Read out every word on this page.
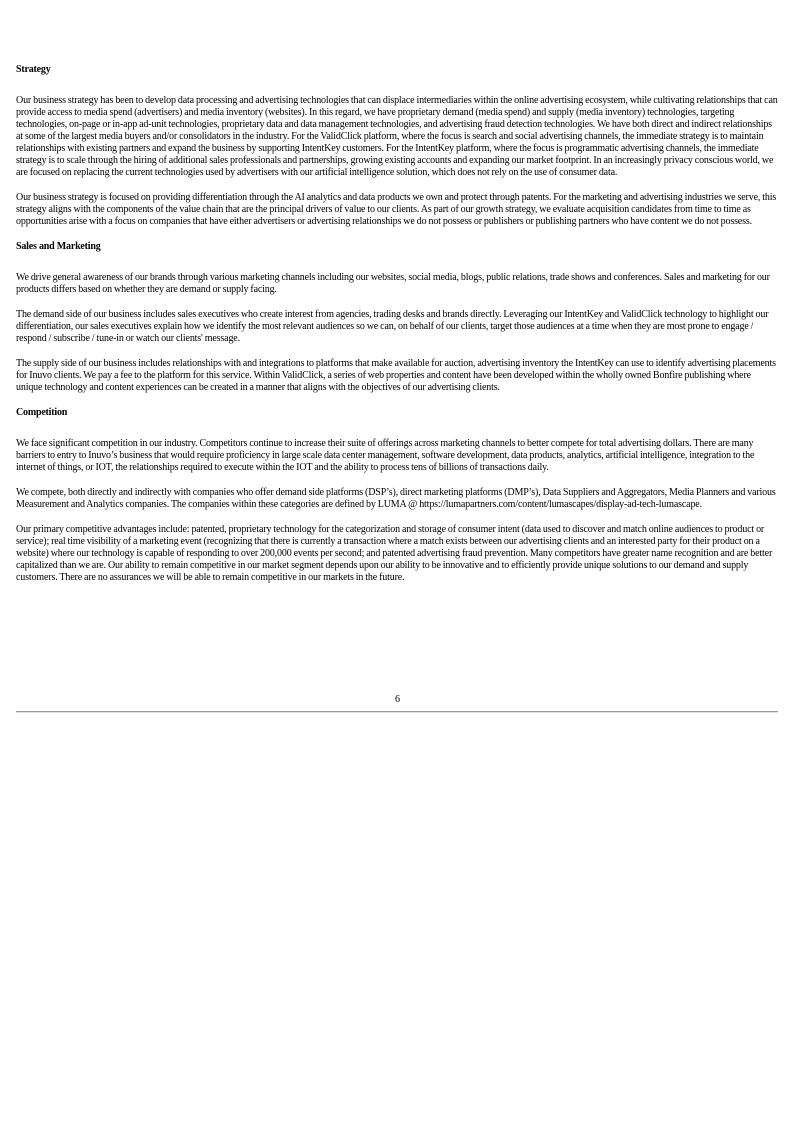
Strategy

Our business strategy has been to develop data processing and advertising technologies that can displace intermediaries within the online advertising ecosystem, while cultivating relationships that can provide access to media spend (advertisers) and media inventory (websites). In this regard, we have proprietary demand (media spend) and supply (media inventory) technologies, targeting technologies, on-page or in-app ad-unit technologies, proprietary data and data management technologies, and advertising fraud detection technologies. We have both direct and indirect relationships at some of the largest media buyers and/or consolidators in the industry. For the ValidClick platform, where the focus is search and social advertising channels, the immediate strategy is to maintain relationships with existing partners and expand the business by supporting IntentKey customers. For the IntentKey platform, where the focus is programmatic advertising channels, the immediate strategy is to scale through the hiring of additional sales professionals and partnerships, growing existing accounts and expanding our market footprint. In an increasingly privacy conscious world, we are focused on replacing the current technologies used by advertisers with our artificial intelligence solution, which does not rely on the use of consumer data.

Our business strategy is focused on providing differentiation through the AI analytics and data products we own and protect through patents. For the marketing and advertising industries we serve, this strategy aligns with the components of the value chain that are the principal drivers of value to our clients. As part of our growth strategy, we evaluate acquisition candidates from time to time as opportunities arise with a focus on companies that have either advertisers or advertising relationships we do not possess or publishers or publishing partners who have content we do not possess.

Sales and Marketing

We drive general awareness of our brands through various marketing channels including our websites, social media, blogs, public relations, trade shows and conferences. Sales and marketing for our products differs based on whether they are demand or supply facing.

The demand side of our business includes sales executives who create interest from agencies, trading desks and brands directly. Leveraging our IntentKey and ValidClick technology to highlight our differentiation, our sales executives explain how we identify the most relevant audiences so we can, on behalf of our clients, target those audiences at a time when they are most prone to engage / respond / subscribe / tune-in or watch our clients' message.

The supply side of our business includes relationships with and integrations to platforms that make available for auction, advertising inventory the IntentKey can use to identify advertising placements for Inuvo clients. We pay a fee to the platform for this service. Within ValidClick, a series of web properties and content have been developed within the wholly owned Bonfire publishing where unique technology and content experiences can be created in a manner that aligns with the objectives of our advertising clients.

Competition

We face significant competition in our industry. Competitors continue to increase their suite of offerings across marketing channels to better compete for total advertising dollars. There are many barriers to entry to Inuvo’s business that would require proficiency in large scale data center management, software development, data products, analytics, artificial intelligence, integration to the internet of things, or IOT, the relationships required to execute within the IOT and the ability to process tens of billions of transactions daily.

We compete, both directly and indirectly with companies who offer demand side platforms (DSP’s), direct marketing platforms (DMP’s), Data Suppliers and Aggregators, Media Planners and various Measurement and Analytics companies. The companies within these categories are defined by LUMA @ https://lumapartners.com/content/lumascapes/display-ad-tech-lumascape.

Our primary competitive advantages include: patented, proprietary technology for the categorization and storage of consumer intent (data used to discover and match online audiences to product or service); real time visibility of a marketing event (recognizing that there is currently a transaction where a match exists between our advertising clients and an interested party for their product on a website) where our technology is capable of responding to over 200,000 events per second; and patented advertising fraud prevention. Many competitors have greater name recognition and are better capitalized than we are. Our ability to remain competitive in our market segment depends upon our ability to be innovative and to efficiently provide unique solutions to our demand and supply customers. There are no assurances we will be able to remain competitive in our markets in the future.

6
